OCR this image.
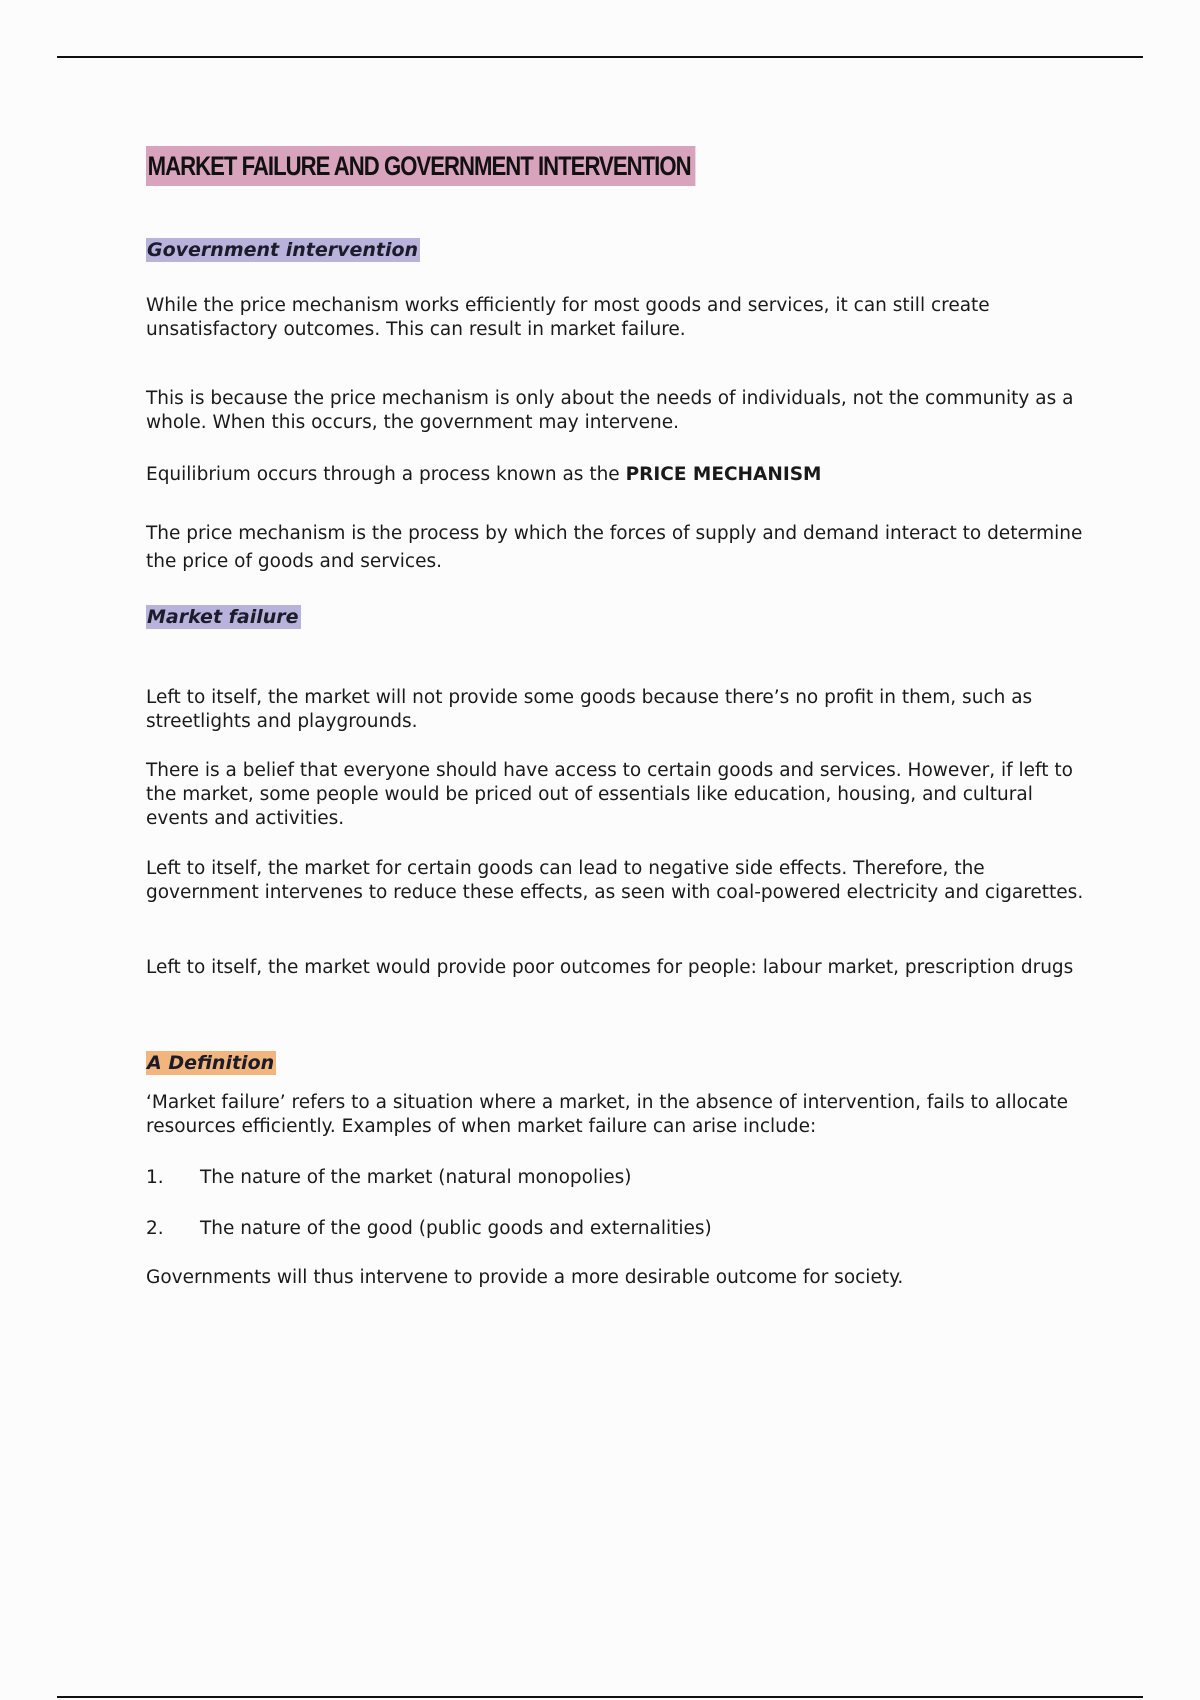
MARKET FAILURE AND GOVERNMENT INTERVENTION
Government intervention

While the price mechanism works efficiently for most goods and services, it can still create unsatisfactory outcomes. This can result in market failure.

This is because the price mechanism is only about the needs of individuals, not the community as a whole. When this occurs, the government may intervene.

Equilibrium occurs through a process known as the PRICE MECHANISM

The price mechanism is the process by which the forces of supply and demand interact to determine the price of goods and services.

Market failure

Left to itself, the market will not provide some goods because there’s no profit in them, such as streetlights and playgrounds.

There is a belief that everyone should have access to certain goods and services. However, if left to the market, some people would be priced out of essentials like education, housing, and cultural events and activities.

Left to itself, the market for certain goods can lead to negative side effects. Therefore, the government intervenes to reduce these effects, as seen with coal-powered electricity and cigarettes.

Left to itself, the market would provide poor outcomes for people: labour market, prescription drugs

A Definition

‘Market failure’ refers to a situation where a market, in the absence of intervention, fails to allocate resources efficiently. Examples of when market failure can arise include:

1. The nature of the market (natural monopolies)
2. The nature of the good (public goods and externalities)

Governments will thus intervene to provide a more desirable outcome for society.
